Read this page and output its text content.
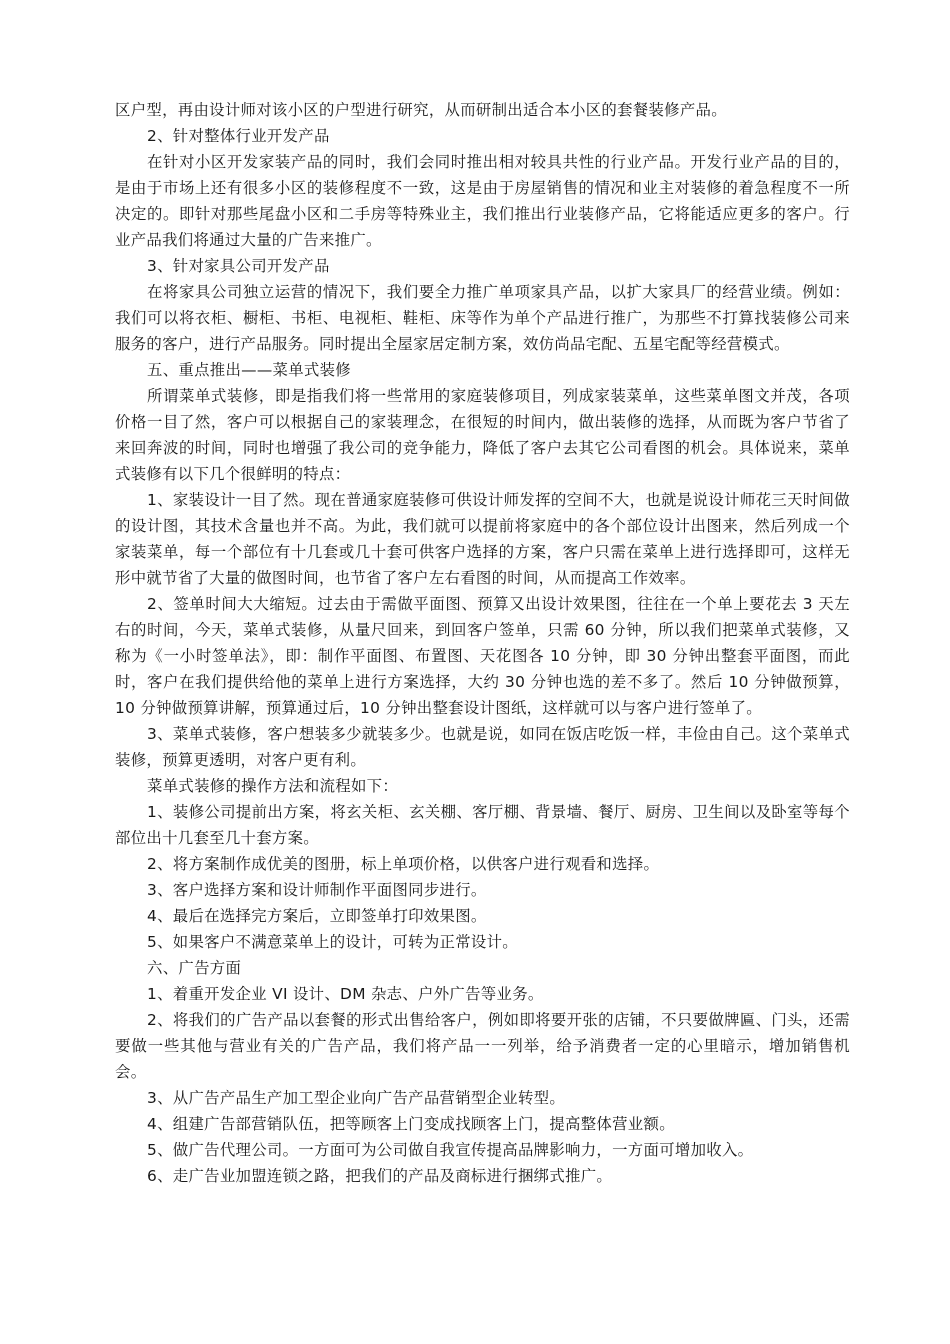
区户型，再由设计师对该小区的户型进行研究，从而研制出适合本小区的套餐装修产品。

2、针对整体行业开发产品

在针对小区开发家装产品的同时，我们会同时推出相对较具共性的行业产品。开发行业产品的目的，是由于市场上还有很多小区的装修程度不一致，这是由于房屋销售的情况和业主对装修的着急程度不一所决定的。即针对那些尾盘小区和二手房等特殊业主，我们推出行业装修产品，它将能适应更多的客户。行业产品我们将通过大量的广告来推广。

3、针对家具公司开发产品

在将家具公司独立运营的情况下，我们要全力推广单项家具产品，以扩大家具厂的经营业绩。例如：我们可以将衣柜、橱柜、书柜、电视柜、鞋柜、床等作为单个产品进行推广，为那些不打算找装修公司来服务的客户，进行产品服务。同时提出全屋家居定制方案，效仿尚品宅配、五星宅配等经营模式。

五、重点推出——菜单式装修

所谓菜单式装修，即是指我们将一些常用的家庭装修项目，列成家装菜单，这些菜单图文并茂，各项价格一目了然，客户可以根据自己的家装理念，在很短的时间内，做出装修的选择，从而既为客户节省了来回奔波的时间，同时也增强了我公司的竞争能力，降低了客户去其它公司看图的机会。具体说来，菜单式装修有以下几个很鲜明的特点：

1、家装设计一目了然。现在普通家庭装修可供设计师发挥的空间不大，也就是说设计师花三天时间做的设计图，其技术含量也并不高。为此，我们就可以提前将家庭中的各个部位设计出图来，然后列成一个家装菜单，每一个部位有十几套或几十套可供客户选择的方案，客户只需在菜单上进行选择即可，这样无形中就节省了大量的做图时间，也节省了客户左右看图的时间，从而提高工作效率。

2、签单时间大大缩短。过去由于需做平面图、预算又出设计效果图，往往在一个单上要花去 3 天左右的时间，今天，菜单式装修，从量尺回来，到回客户签单，只需 60 分钟，所以我们把菜单式装修，又称为《一小时签单法》，即：制作平面图、布置图、天花图各 10 分钟，即 30 分钟出整套平面图，而此时，客户在我们提供给他的菜单上进行方案选择，大约 30 分钟也选的差不多了。然后 10 分钟做预算，10 分钟做预算讲解，预算通过后，10 分钟出整套设计图纸，这样就可以与客户进行签单了。

3、菜单式装修，客户想装多少就装多少。也就是说，如同在饭店吃饭一样，丰俭由自己。这个菜单式装修，预算更透明，对客户更有利。

菜单式装修的操作方法和流程如下：

1、装修公司提前出方案，将玄关柜、玄关棚、客厅棚、背景墙、餐厅、厨房、卫生间以及卧室等每个部位出十几套至几十套方案。

2、将方案制作成优美的图册，标上单项价格，以供客户进行观看和选择。

3、客户选择方案和设计师制作平面图同步进行。

4、最后在选择完方案后，立即签单打印效果图。

5、如果客户不满意菜单上的设计，可转为正常设计。

六、广告方面

1、着重开发企业 VI 设计、DM 杂志、户外广告等业务。

2、将我们的广告产品以套餐的形式出售给客户，例如即将要开张的店铺，不只要做牌匾、门头，还需要做一些其他与营业有关的广告产品，我们将产品一一列举，给予消费者一定的心里暗示，增加销售机会。

3、从广告产品生产加工型企业向广告产品营销型企业转型。

4、组建广告部营销队伍，把等顾客上门变成找顾客上门，提高整体营业额。

5、做广告代理公司。一方面可为公司做自我宣传提高品牌影响力，一方面可增加收入。

6、走广告业加盟连锁之路，把我们的产品及商标进行捆绑式推广。
